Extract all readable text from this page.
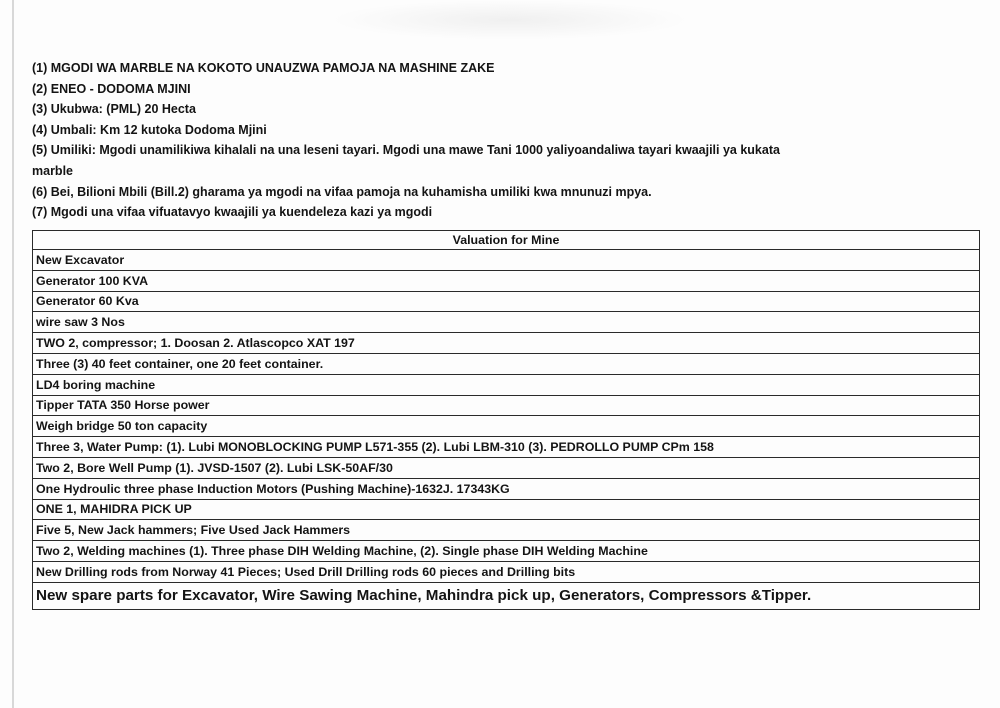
(1) MGODI WA MARBLE NA KOKOTO UNAUZWA PAMOJA NA MASHINE ZAKE

(2) ENEO - DODOMA MJINI

(3) Ukubwa: (PML) 20 Hecta

(4) Umbali: Km 12 kutoka Dodoma Mjini

(5) Umiliki: Mgodi unamilikiwa kihalali na una leseni tayari. Mgodi una mawe Tani 1000 yaliyoandaliwa tayari kwaajili ya kukata

marble

(6) Bei, Bilioni Mbili (Bill.2) gharama ya mgodi na vifaa pamoja na kuhamisha umiliki kwa mnunuzi mpya.

(7) Mgodi una vifaa vifuatavyo kwaajili ya kuendeleza kazi ya mgodi

Valuation for Mine
New Excavator
Generator 100 KVA
Generator 60 Kva
wire saw 3 Nos
TWO 2, compressor; 1. Doosan 2. Atlascopco XAT 197
Three (3) 40 feet container, one 20 feet container.
LD4 boring machine
Tipper TATA 350 Horse power
Weigh bridge 50 ton capacity
Three 3, Water Pump: (1). Lubi MONOBLOCKING PUMP L571-355 (2). Lubi LBM-310 (3). PEDROLLO PUMP CPm 158
Two 2, Bore Well Pump (1). JVSD-1507 (2). Lubi LSK-50AF/30
One Hydroulic three phase Induction Motors (Pushing Machine)-1632J. 17343KG
ONE 1, MAHIDRA PICK UP
Five 5, New Jack hammers; Five Used Jack Hammers
Two 2, Welding machines (1). Three phase DIH Welding Machine, (2). Single phase DIH Welding Machine
New Drilling rods from Norway 41 Pieces; Used Drill Drilling rods 60 pieces and Drilling bits
New spare parts for Excavator, Wire Sawing Machine, Mahindra pick up, Generators, Compressors &Tipper.
